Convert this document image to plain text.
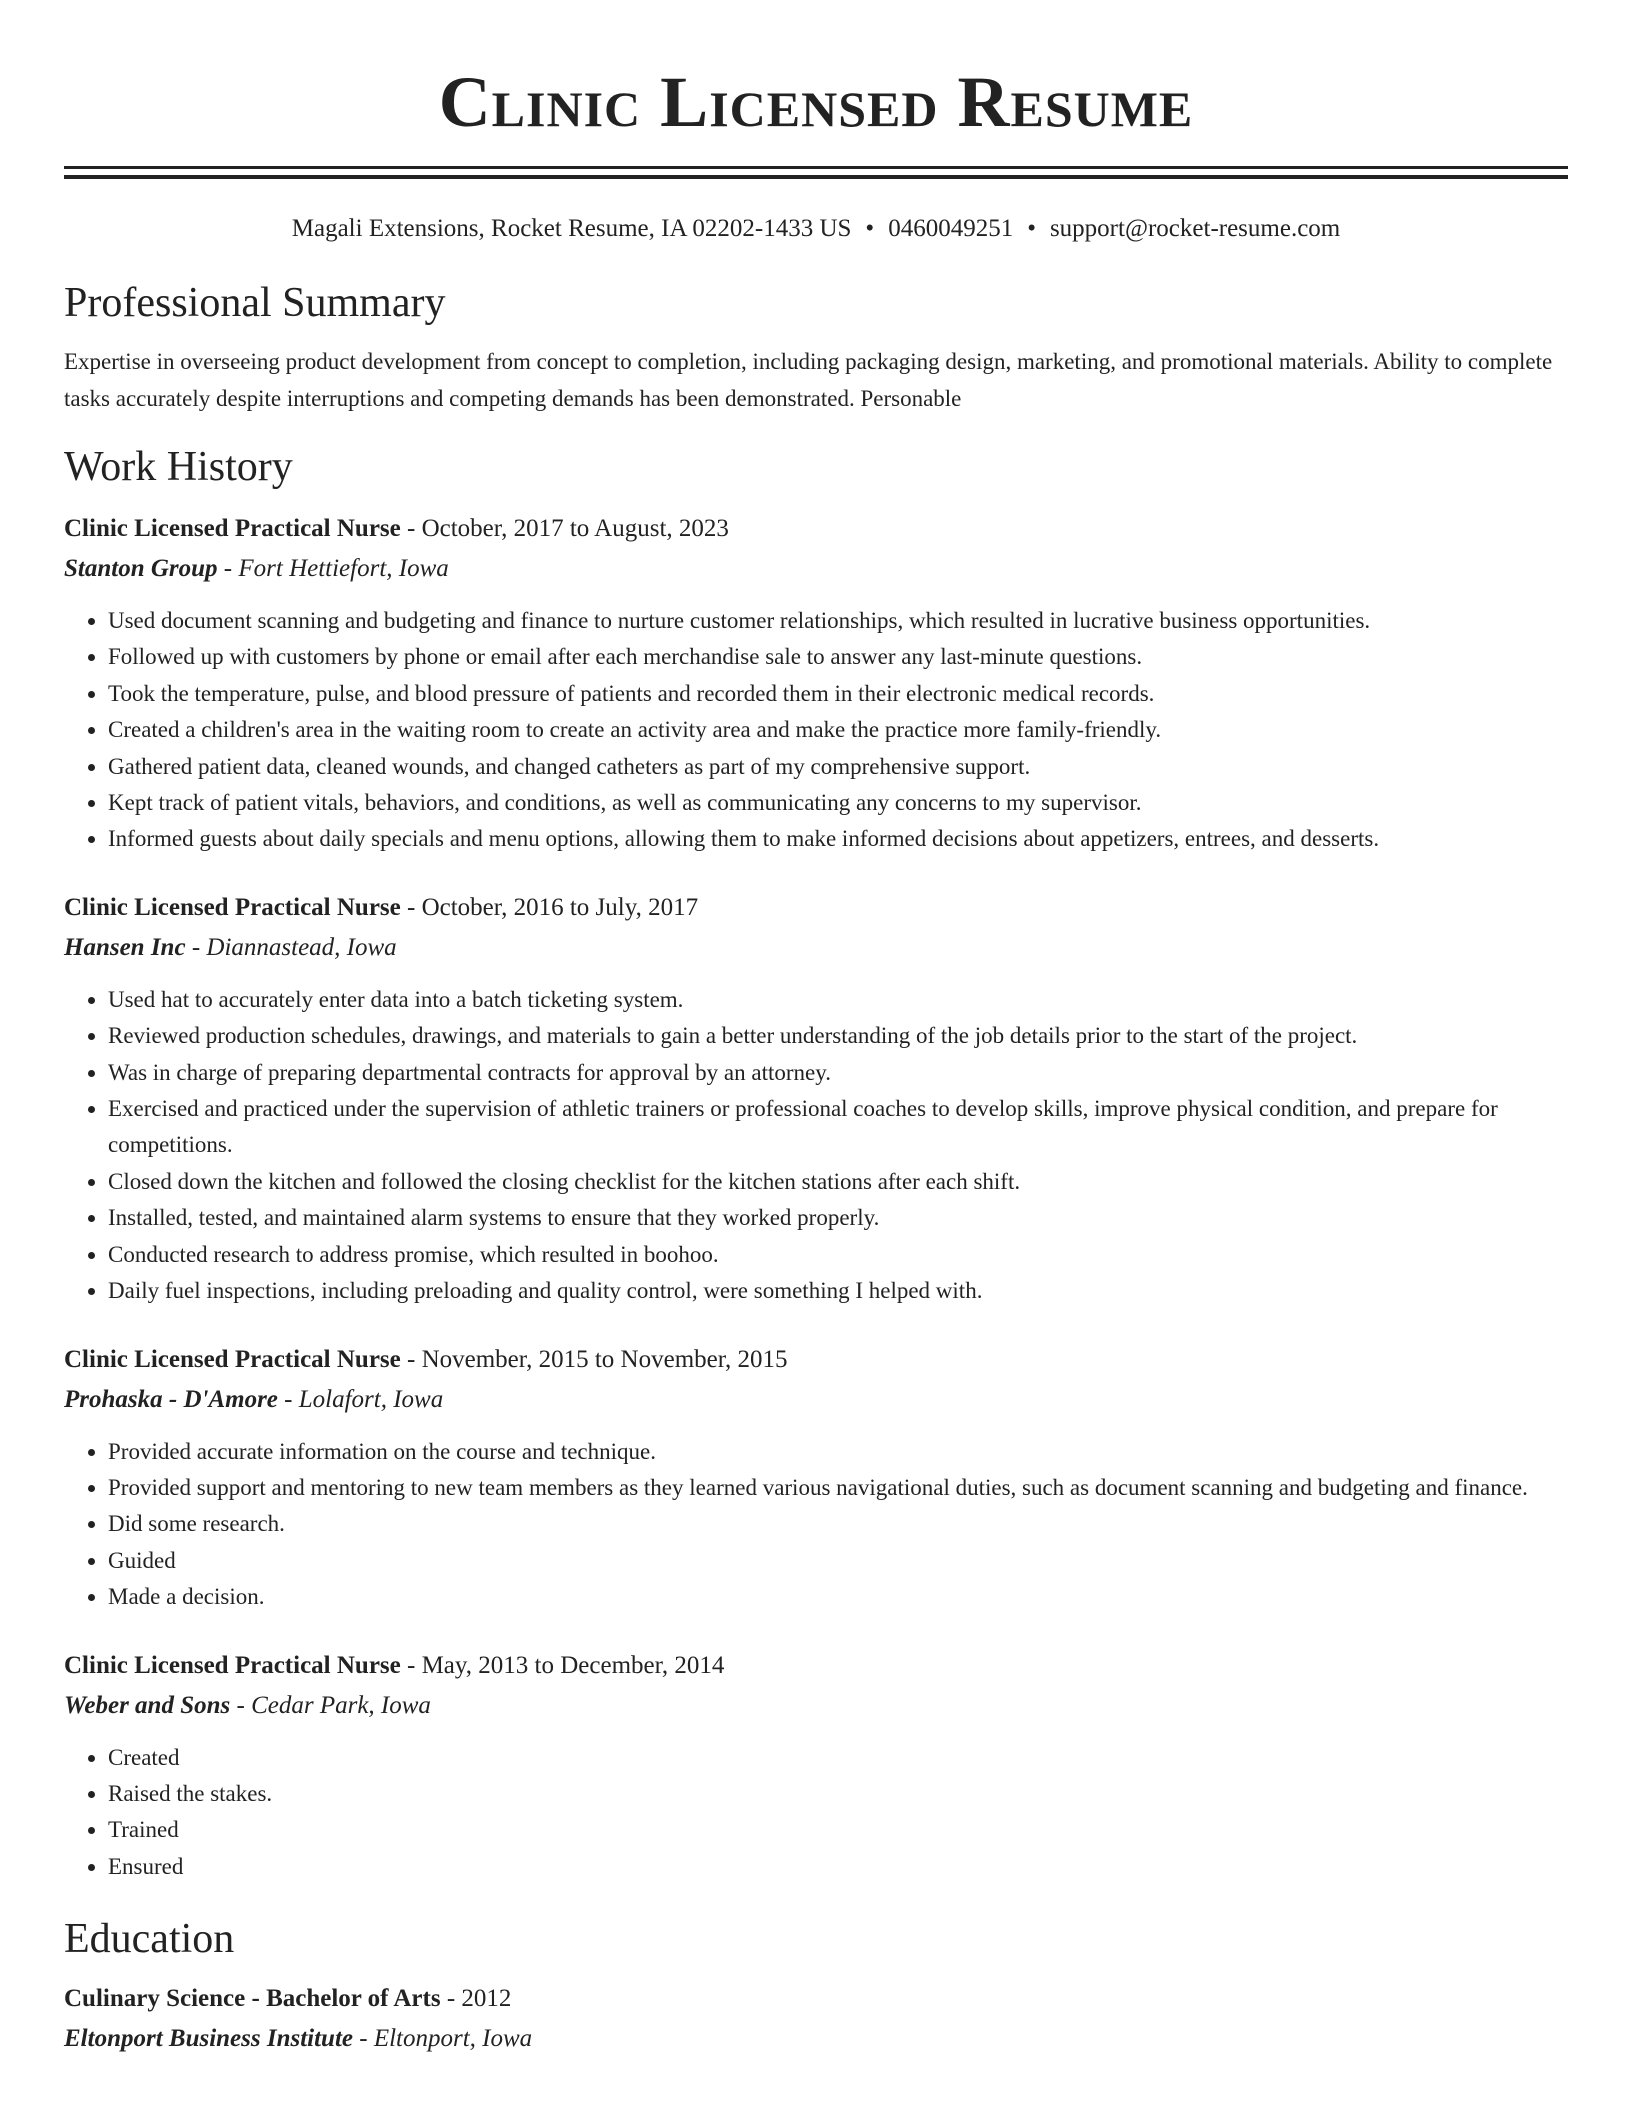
Clinic Licensed Resume
Magali Extensions, Rocket Resume, IA 02202-1433 US • 0460049251 • support@rocket-resume.com
Professional Summary
Expertise in overseeing product development from concept to completion, including packaging design, marketing, and promotional materials. Ability to complete tasks accurately despite interruptions and competing demands has been demonstrated. Personable
Work History
Clinic Licensed Practical Nurse - October, 2017 to August, 2023
Stanton Group - Fort Hettiefort, Iowa
• Used document scanning and budgeting and finance to nurture customer relationships, which resulted in lucrative business opportunities.
• Followed up with customers by phone or email after each merchandise sale to answer any last-minute questions.
• Took the temperature, pulse, and blood pressure of patients and recorded them in their electronic medical records.
• Created a children's area in the waiting room to create an activity area and make the practice more family-friendly.
• Gathered patient data, cleaned wounds, and changed catheters as part of my comprehensive support.
• Kept track of patient vitals, behaviors, and conditions, as well as communicating any concerns to my supervisor.
• Informed guests about daily specials and menu options, allowing them to make informed decisions about appetizers, entrees, and desserts.
Clinic Licensed Practical Nurse - October, 2016 to July, 2017
Hansen Inc - Diannastead, Iowa
• Used hat to accurately enter data into a batch ticketing system.
• Reviewed production schedules, drawings, and materials to gain a better understanding of the job details prior to the start of the project.
• Was in charge of preparing departmental contracts for approval by an attorney.
• Exercised and practiced under the supervision of athletic trainers or professional coaches to develop skills, improve physical condition, and prepare for competitions.
• Closed down the kitchen and followed the closing checklist for the kitchen stations after each shift.
• Installed, tested, and maintained alarm systems to ensure that they worked properly.
• Conducted research to address promise, which resulted in boohoo.
• Daily fuel inspections, including preloading and quality control, were something I helped with.
Clinic Licensed Practical Nurse - November, 2015 to November, 2015
Prohaska - D'Amore - Lolafort, Iowa
• Provided accurate information on the course and technique.
• Provided support and mentoring to new team members as they learned various navigational duties, such as document scanning and budgeting and finance.
• Did some research.
• Guided
• Made a decision.
Clinic Licensed Practical Nurse - May, 2013 to December, 2014
Weber and Sons - Cedar Park, Iowa
• Created
• Raised the stakes.
• Trained
• Ensured
Education
Culinary Science - Bachelor of Arts - 2012
Eltonport Business Institute - Eltonport, Iowa
